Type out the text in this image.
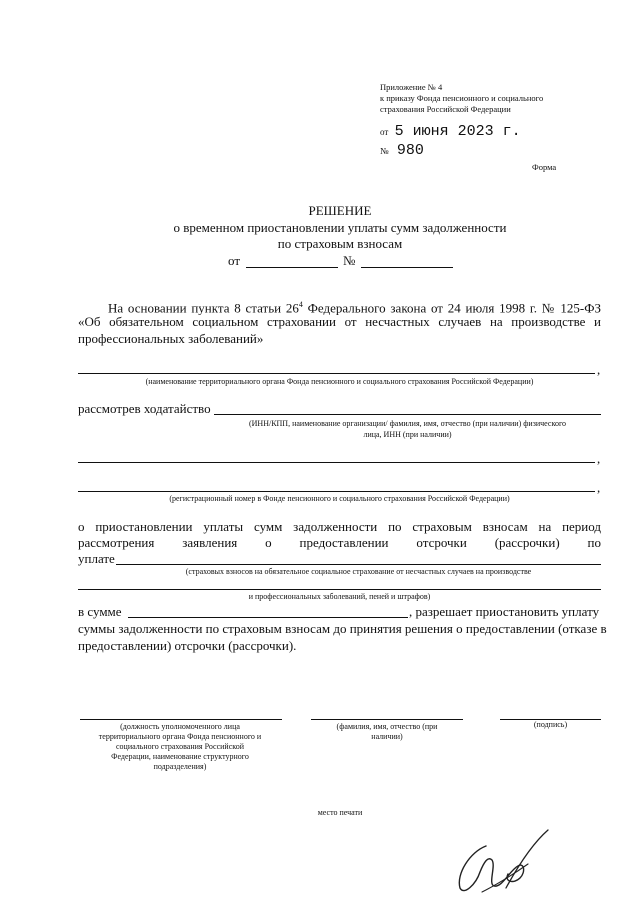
Приложение № 4
к приказу Фонда пенсионного и социального
страхования Российской Федерации
от 5 июня 2023 г.
№ 980
Форма
РЕШЕНИЕ
о временном приостановлении уплаты сумм задолженности
по страховым взносам
от	№
На основании пункта 8 статьи $26^4$ Федерального закона от 24 июля 1998 г. № 125-ФЗ
«Об обязательном социальном страховании от несчастных случаев на производстве и
профессиональных заболеваний»
,
(наименование территориального органа Фонда пенсионного и социального страхования Российской Федерации)
рассмотрев ходатайство
(ИНН/КПП, наименование организации/ фамилия, имя, отчество (при наличии) физического
лица, ИНН (при наличии)
,
,
(регистрационный номер в Фонде пенсионного и социального страхования Российской Федерации)
о приостановлении уплаты сумм задолженности по страховым взносам на период
рассмотрения заявления о предоставлении отсрочки (рассрочки) по
уплате
(страховых взносов на обязательное социальное страхование от несчастных случаев на производстве
и профессиональных заболеваний, пеней и штрафов)
в сумме	, разрешает приостановить уплату
суммы задолженности по страховым взносам до принятия решения о предоставлении (отказе в
предоставлении) отсрочки (рассрочки).
(должность уполномоченного лица
территориального органа Фонда пенсионного и
социального страхования Российской
Федерации, наименование структурного
подразделения)
(фамилия, имя, отчество (при
наличии)
(подпись)
место печати
